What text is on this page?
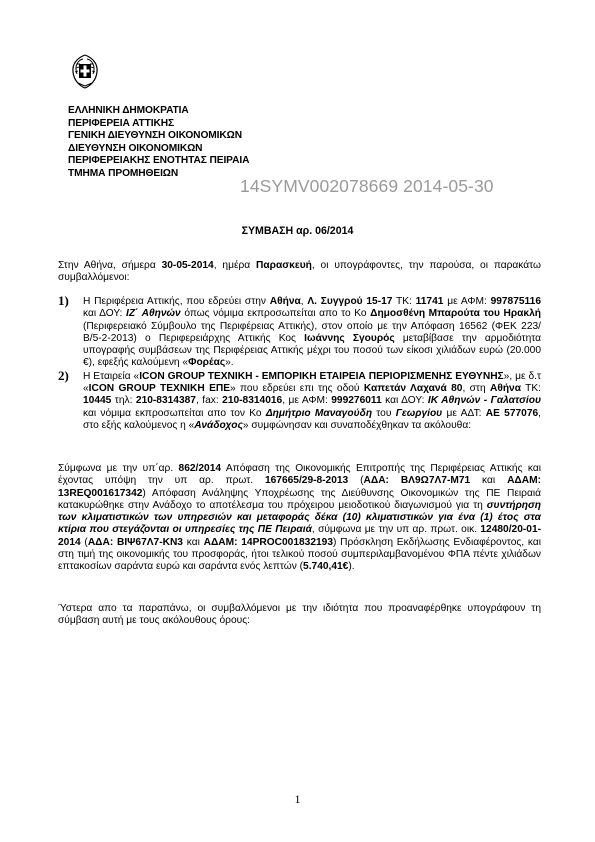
ΕΛΛΗΝΙΚΗ ΔΗΜΟΚΡΑΤΙΑ
ΠΕΡΙΦΕΡΕΙΑ ΑΤΤΙΚΗΣ
ΓΕΝΙΚΗ ΔΙΕΥΘΥΝΣΗ ΟΙΚΟΝΟΜΙΚΩΝ
ΔΙΕΥΘΥΝΣΗ ΟΙΚΟΝΟΜΙΚΩΝ
ΠΕΡΙΦΕΡΕΙΑΚΗΣ ΕΝΟΤΗΤΑΣ ΠΕΙΡΑΙΑ
ΤΜΗΜΑ ΠΡΟΜΗΘΕΙΩΝ
14SYMV002078669 2014-05-30
ΣΥΜΒΑΣΗ αρ. 06/2014
Στην Αθήνα, σήμερα 30-05-2014, ημέρα Παρασκευή, οι υπογράφοντες, την παρούσα, οι παρακάτω συμβαλλόμενοι:
1) Η Περιφέρεια Αττικής, που εδρεύει στην Αθήνα, Λ. Συγγρού 15-17 ΤΚ: 11741 με ΑΦΜ: 997875116 και ΔΟΥ: ΙΖ΄ Αθηνών όπως νόμιμα εκπροσωπείται απο το Κο Δημοσθένη Μπαρούτα του Ηρακλή (Περιφερειακό Σύμβουλο της Περιφέρειας Αττικής), στον οποίο με την Απόφαση 16562 (ΦΕΚ 223/Β/5-2-2013) ο Περιφερειάρχης Αττικής Κος Ιωάννης Σγουρός μεταβίβασε την αρμοδιότητα υπογραφής συμβάσεων της Περιφέρειας Αττικής μέχρι του ποσού των είκοσι χιλιάδων ευρώ (20.000 €), εφεξής καλούμενη «Φορέας».
2) Η Εταιρεία «ICON GROUP ΤΕΧΝΙΚΗ - ΕΜΠΟΡΙΚΗ ΕΤΑΙΡΕΙΑ ΠΕΡΙΟΡΙΣΜΕΝΗΣ ΕΥΘΥΝΗΣ», με δ.τ «ICON GROUP ΤΕΧΝΙΚΗ ΕΠΕ» που εδρεύει επι της οδού Καπετάν Λαχανά 80, στη Αθήνα ΤΚ: 10445 τηλ: 210-8314387, fax: 210-8314016, με ΑΦΜ: 999276011 και ΔΟΥ: ΙΚ Αθηνών - Γαλατσίου και νόμιμα εκπροσωπείται απο τον Κο Δημήτριο Μαναγούδη του Γεωργίου με ΑΔΤ: ΑΕ 577076, στο εξής καλούμενος η «Ανάδοχος» συμφώνησαν και συναποδέχθηκαν τα ακόλουθα:
Σύμφωνα με την υπ΄αρ. 862/2014 Απόφαση της Οικονομικής Επιτροπής της Περιφέρειας Αττικής και έχοντας υπόψη την υπ αρ. πρωτ. 167665/29-8-2013 (ΑΔΑ: ΒΛ9Ω7Λ7-Μ71 και ΑΔΑΜ: 13REQ001617342) Απόφαση Ανάληψης Υποχρέωσης της Διεύθυνσης Οικονομικών της ΠΕ Πειραιά κατακυρώθηκε στην Ανάδοχο το αποτέλεσμα του πρόχειρου μειοδοτικού διαγωνισμού για τη συντήρηση των κλιματιστικών των υπηρεσιών και μεταφοράς δέκα (10) κλιματιστικών για ένα (1) έτος στα κτίρια που στεγάζονται οι υπηρεσίες της ΠΕ Πειραιά, σύμφωνα με την υπ αρ. πρωτ. οικ. 12480/20-01-2014 (ΑΔΑ: ΒΙΨ67Λ7-ΚΝ3 και ΑΔΑΜ: 14PROC001832193) Πρόσκληση Εκδήλωσης Ενδιαφέροντος, και στη τιμή της οικονομικής του προσφοράς, ήτοι τελικού ποσού συμπεριλαμβανομένου ΦΠΑ πέντε χιλιάδων επτακοσίων σαράντα ευρώ και σαράντα ενός λεπτών (5.740,41€).
Ύστερα απο τα παραπάνω, οι συμβαλλόμενοι με την ιδιότητα που προαναφέρθηκε υπογράφουν τη σύμβαση αυτή με τους ακόλουθους όρους:
1
